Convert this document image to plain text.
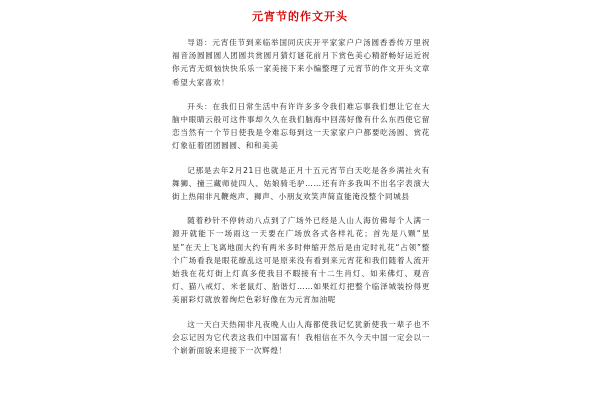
元宵节的作文开头

导语：元宵佳节到来临举国同庆庆开平家家户户汤圆香香传万里祝福音汤圆圆圆人团圆共赏圆月猜灯谜花前月下赏色美心精舒畅好运近祝你元宵无烦恼快快乐乐一家美接下来小编整理了元宵节的作文开头文章希望大家喜欢！

开头：在我们日常生活中有许许多多令我们难忘事我们想让它在大脑中眼睛云般可这件事却久久在我们脑海中回荡好像有什么东西使它留恋当然有一个节日使我是令难忘每到这一天家家户户都要吃汤圆、赏花灯象征着团团圆圆、和和美美

记那是去年2月21日也就是正月十五元宵节白天吃是各乡满社火有舞狮、撞三藏师徒四人、姑娘骑毛驴……还有许多我叫不出名字表演大街上热闹非凡鞭炮声、狮声、小朋友欢笑声简直能淹没整个同城县

随着秒针不停转动八点到了广场外已经是人山人海仿佛每个人满一源开就能下一场雨这一天要在广场放各式各样礼花；首先是八颗“星星”在天上飞离地面大约有两米多时伸缩开然后是由定时礼花“占领”整个广场看我是眼花缭乱这可是原来没有看到来元宵花和我们随着人流开始我在花灯街上灯真多使我目不暇接有十二生肖灯、如来佛灯、观音灯、猫八戒灯、米老鼠灯、胎谐灯……如果红灯把整个临泽城装扮得更美丽彩灯就放着绚烂色彩好像在为元宵加油呢

这一天白天热闹非凡夜晚人山人海都使我记忆犹新使我一辈子也不会忘记因为它代表这我们中国富有！我相信在不久今天中国一定会以一个崭新面貌来迎接下一次辉煌！
